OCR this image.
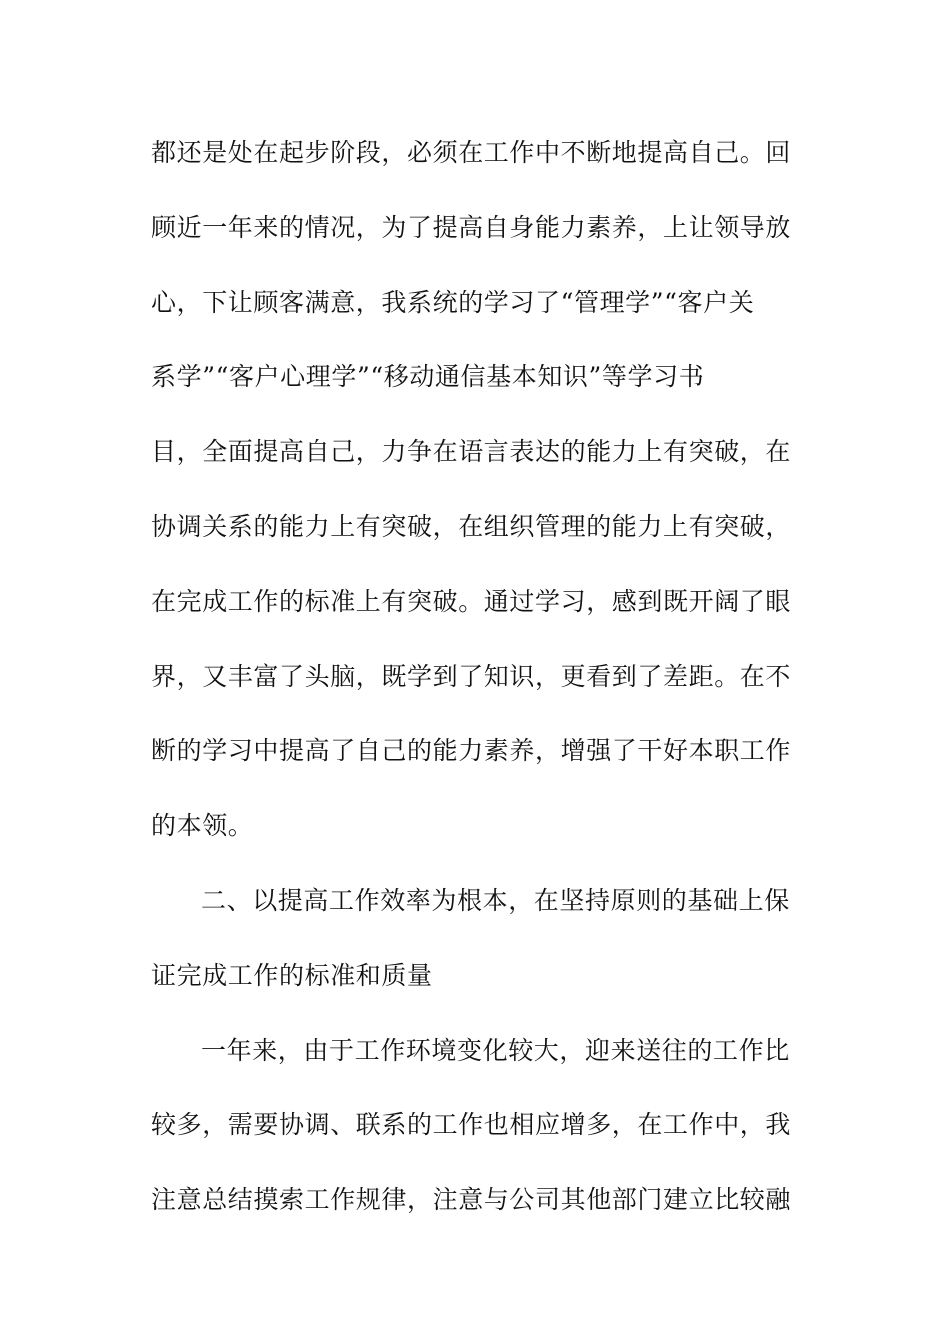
都还是处在起步阶段，必须在工作中不断地提高自己。回
顾近一年来的情况，为了提高自身能力素养，上让领导放
心，下让顾客满意，我系统的学习了“管理学”“客户关
系学”“客户心理学”“移动通信基本知识”等学习书
目，全面提高自己，力争在语言表达的能力上有突破，在
协调关系的能力上有突破，在组织管理的能力上有突破，
在完成工作的标准上有突破。通过学习，感到既开阔了眼
界，又丰富了头脑，既学到了知识，更看到了差距。在不
断的学习中提高了自己的能力素养，增强了干好本职工作
的本领。
二、以提高工作效率为根本，在坚持原则的基础上保
证完成工作的标准和质量
一年来，由于工作环境变化较大，迎来送往的工作比
较多，需要协调、联系的工作也相应增多，在工作中，我
注意总结摸索工作规律，注意与公司其他部门建立比较融
